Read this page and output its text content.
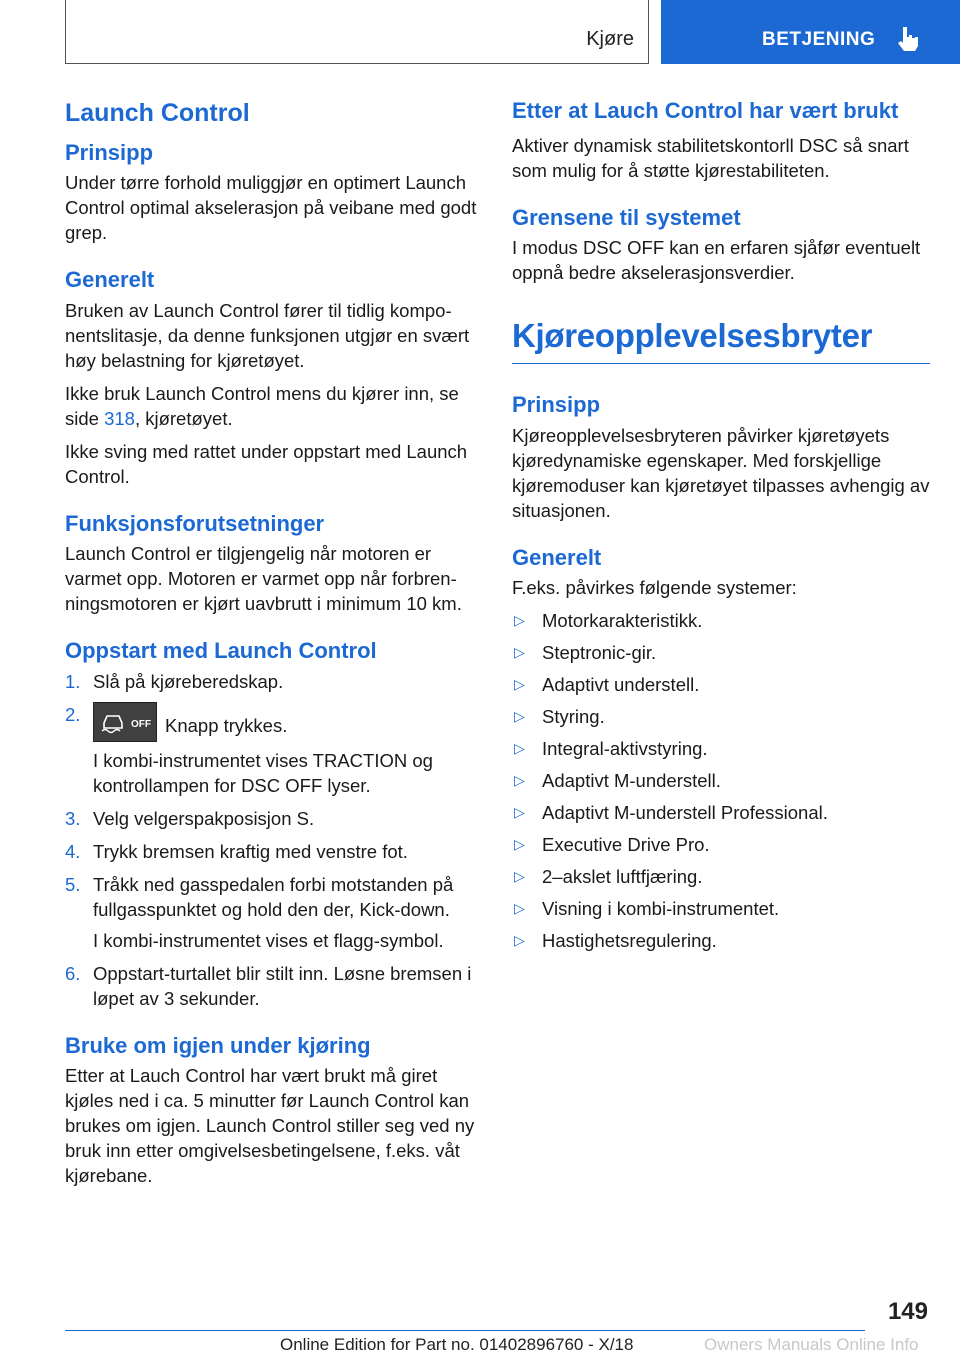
Kjøre	BETJENING
Launch Control
Prinsipp

Under tørre forhold muliggjør en optimert Launch Control optimal akselerasjon på veibane med godt grep.

Generelt

Bruken av Launch Control fører til tidlig komponentslitasje, da denne funksjonen utgjør en svært høy belastning for kjøretøyet.

Ikke bruk Launch Control mens du kjører inn, se side 318, kjøretøyet.

Ikke sving med rattet under oppstart med Launch Control.

Funksjonsforutsetninger

Launch Control er tilgjengelig når motoren er varmet opp. Motoren er varmet opp når forbrenningsmotoren er kjørt uavbrutt i minimum 10 km.

Oppstart med Launch Control
1. Slå på kjøreberedskap.
2.	OFF Knapp trykkes.

I kombi-instrumentet vises TRACTION og kontrollampen for DSC OFF lyser.

3. Velg velgerspakposisjon S.
4. Trykk bremsen kraftig med venstre fot.
5. Tråkk ned gasspedalen forbi motstanden på fullgasspunktet og hold den der, Kick-down.

I kombi-instrumentet vises et flagg-symbol.

6. Oppstart-turtallet blir stilt inn. Løsne bremsen i løpet av 3 sekunder.
Bruke om igjen under kjøring

Etter at Lauch Control har vært brukt må giret kjøles ned i ca. 5 minutter før Launch Control kan brukes om igjen. Launch Control stiller seg ved ny bruk inn etter omgivelsesbetingelsene, f.eks. våt kjørebane.

Etter at Lauch Control har vært brukt

Aktiver dynamisk stabilitetskontorll DSC så snart som mulig for å støtte kjørestabiliteten.

Grensene til systemet

I modus DSC OFF kan en erfaren sjåfør eventuelt oppnå bedre akselerasjonsverdier.

Kjøreopplevelsesbryter
Prinsipp

Kjøreopplevelsesbryteren påvirker kjøretøyets kjøredynamiske egenskaper. Med forskjellige kjøremoduser kan kjøretøyet tilpasses avhengig av situasjonen.

Generelt

F.eks. påvirkes følgende systemer:

▷ Motorkarakteristikk.
▷ Steptronic-gir.
▷ Adaptivt understell.
▷ Styring.
▷ Integral-aktivstyring.
▷ Adaptivt M-understell.
▷ Adaptivt M-understell Professional.
▷ Executive Drive Pro.
▷ 2–akslet luftfjæring.
▷ Visning i kombi-instrumentet.
▷ Hastighetsregulering.
149
Online Edition for Part no. 01402896760 - X/18	Owners Manuals Online Info
